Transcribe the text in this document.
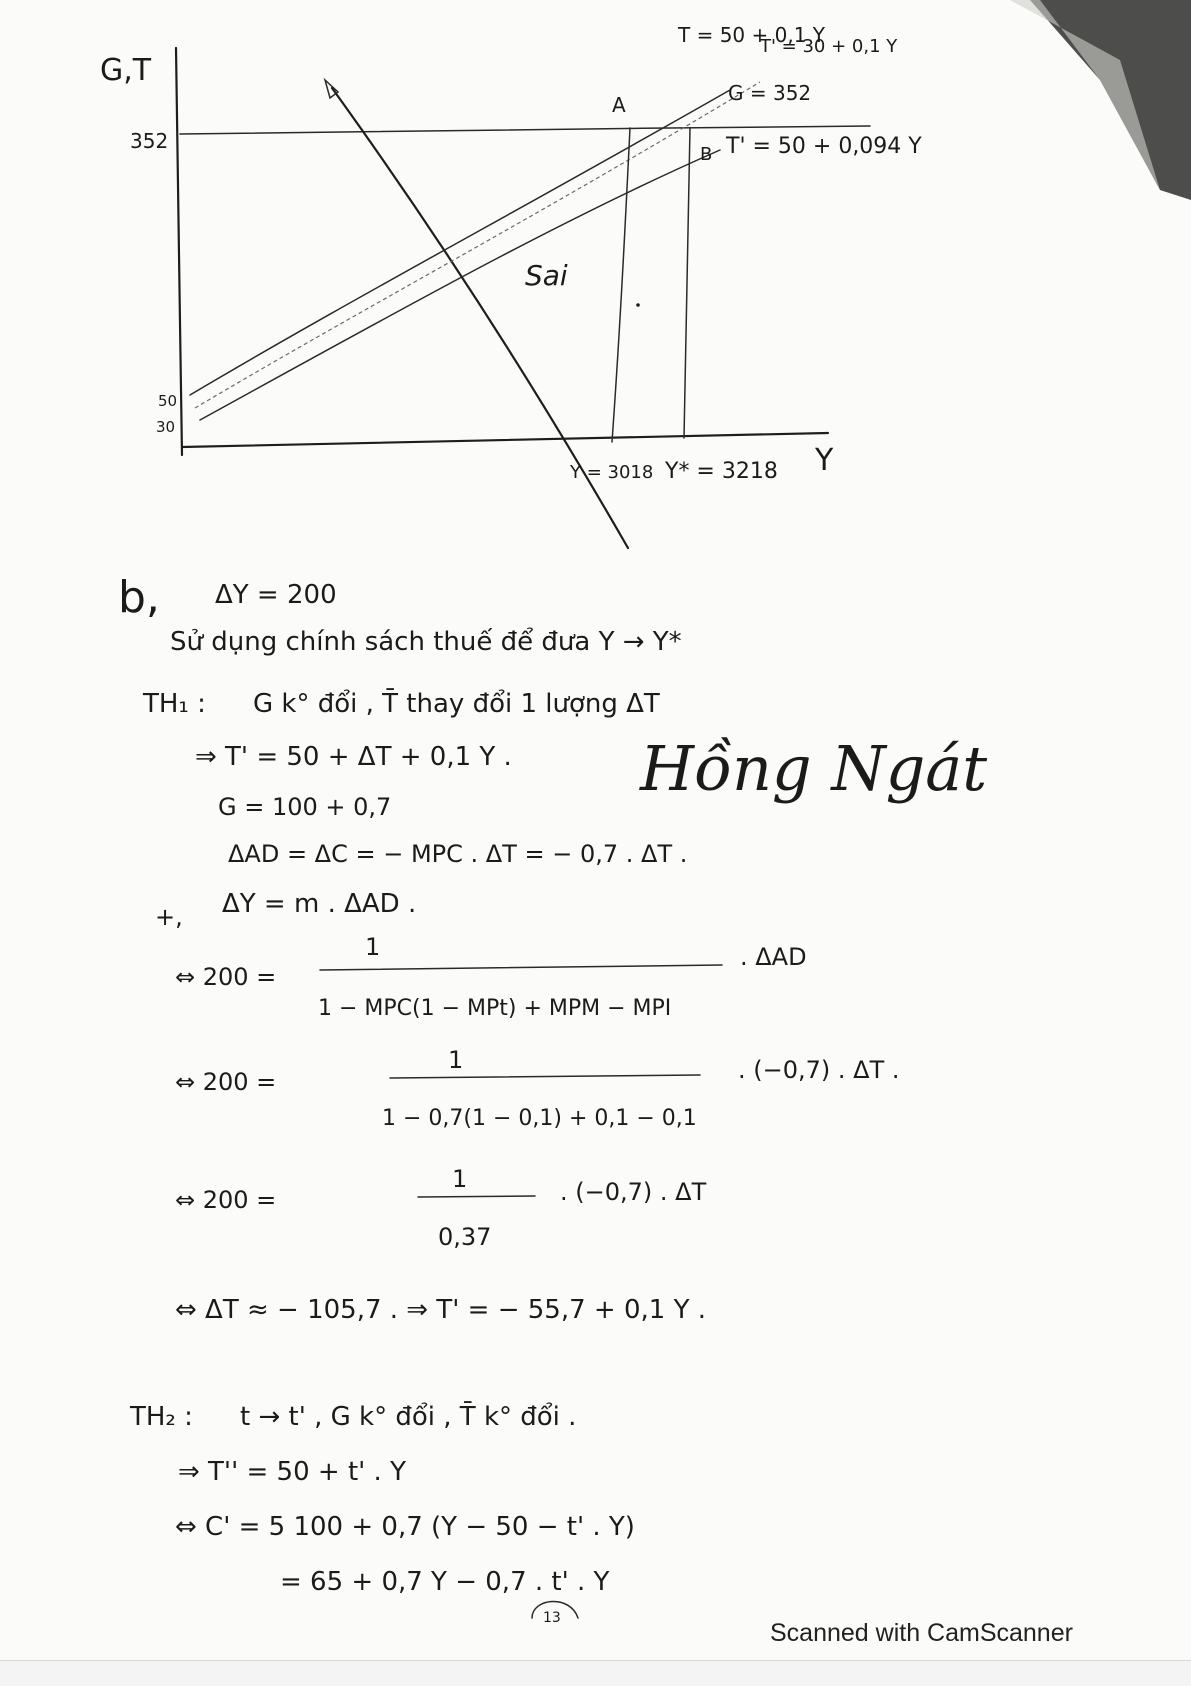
G,T
352
50
30
A
B
T = 50 + 0,1 Y
T' = 30 + 0,1 Y
G = 352
T' = 50 + 0,094 Y
Sai
Y = 3018 Y* = 3218 Y
b, ΔY = 200
Sử dụng chính sách thuế để đưa Y → Y*
TH₁ : G k° đổi , T̄ thay đổi 1 lượng ΔT
⇒ T' = 50 + ΔT + 0,1 Y .
G = 100 + 0,7
ΔAD = ΔC = − MPC . ΔT = − 0,7 . ΔT .
+, ΔY = m . ΔAD .
⇔ 200 =
1
1 − MPC(1 − MPt) + MPM − MPI
. ΔAD
⇔ 200 =
1
1 − 0,7(1 − 0,1) + 0,1 − 0,1
. (−0,7) . ΔT .
⇔ 200 =
1
0,37
. (−0,7) . ΔT
⇔ ΔT ≈ − 105,7 . ⇒ T' = − 55,7 + 0,1 Y .
TH₂ : t → t' , G k° đổi , T̄ k° đổi .
⇒ T'' = 50 + t' . Y
⇔ C' = 5 100 + 0,7 (Y − 50 − t' . Y)
= 65 + 0,7 Y − 0,7 . t' . Y
13
Hồng Ngát
Scanned with CamScanner
